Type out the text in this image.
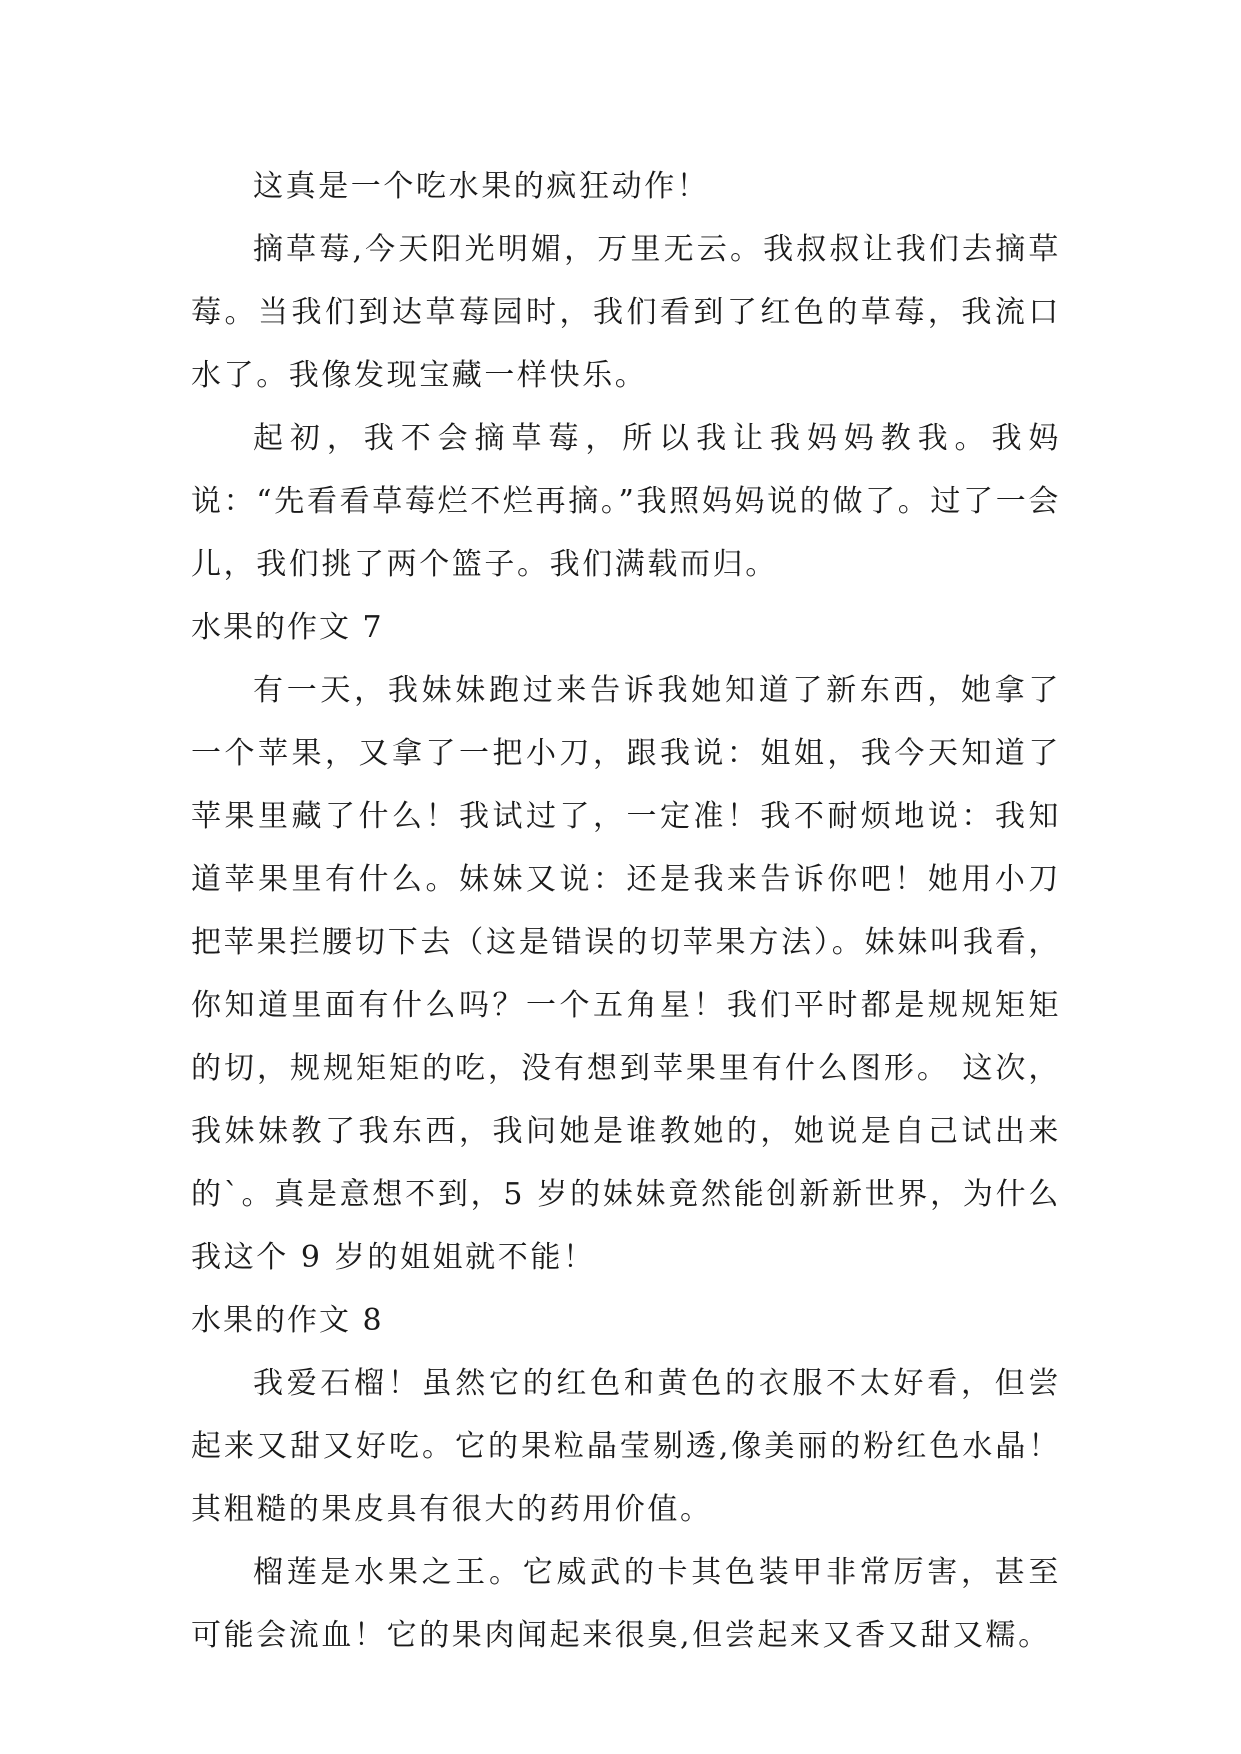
这真是一个吃水果的疯狂动作！

摘草莓,今天阳光明媚，万里无云。我叔叔让我们去摘草莓。当我们到达草莓园时，我们看到了红色的草莓，我流口水了。我像发现宝藏一样快乐。

起初，我不会摘草莓，所以我让我妈妈教我。我妈说：“先看看草莓烂不烂再摘。”我照妈妈说的做了。过了一会儿，我们挑了两个篮子。我们满载而归。

水果的作文 7

有一天，我妹妹跑过来告诉我她知道了新东西，她拿了一个苹果，又拿了一把小刀，跟我说：姐姐，我今天知道了苹果里藏了什么！我试过了，一定准！我不耐烦地说：我知道苹果里有什么。妹妹又说：还是我来告诉你吧！她用小刀把苹果拦腰切下去（这是错误的切苹果方法）。妹妹叫我看，你知道里面有什么吗？一个五角星！我们平时都是规规矩矩的切，规规矩矩的吃，没有想到苹果里有什么图形。 这次，我妹妹教了我东西，我问她是谁教她的，她说是自己试出来的`。真是意想不到，5 岁的妹妹竟然能创新新世界，为什么我这个 9 岁的姐姐就不能！

水果的作文 8

我爱石榴！虽然它的红色和黄色的衣服不太好看，但尝起来又甜又好吃。它的果粒晶莹剔透,像美丽的粉红色水晶！其粗糙的果皮具有很大的药用价值。

榴莲是水果之王。它威武的卡其色装甲非常厉害，甚至可能会流血！它的果肉闻起来很臭,但尝起来又香又甜又糯。
